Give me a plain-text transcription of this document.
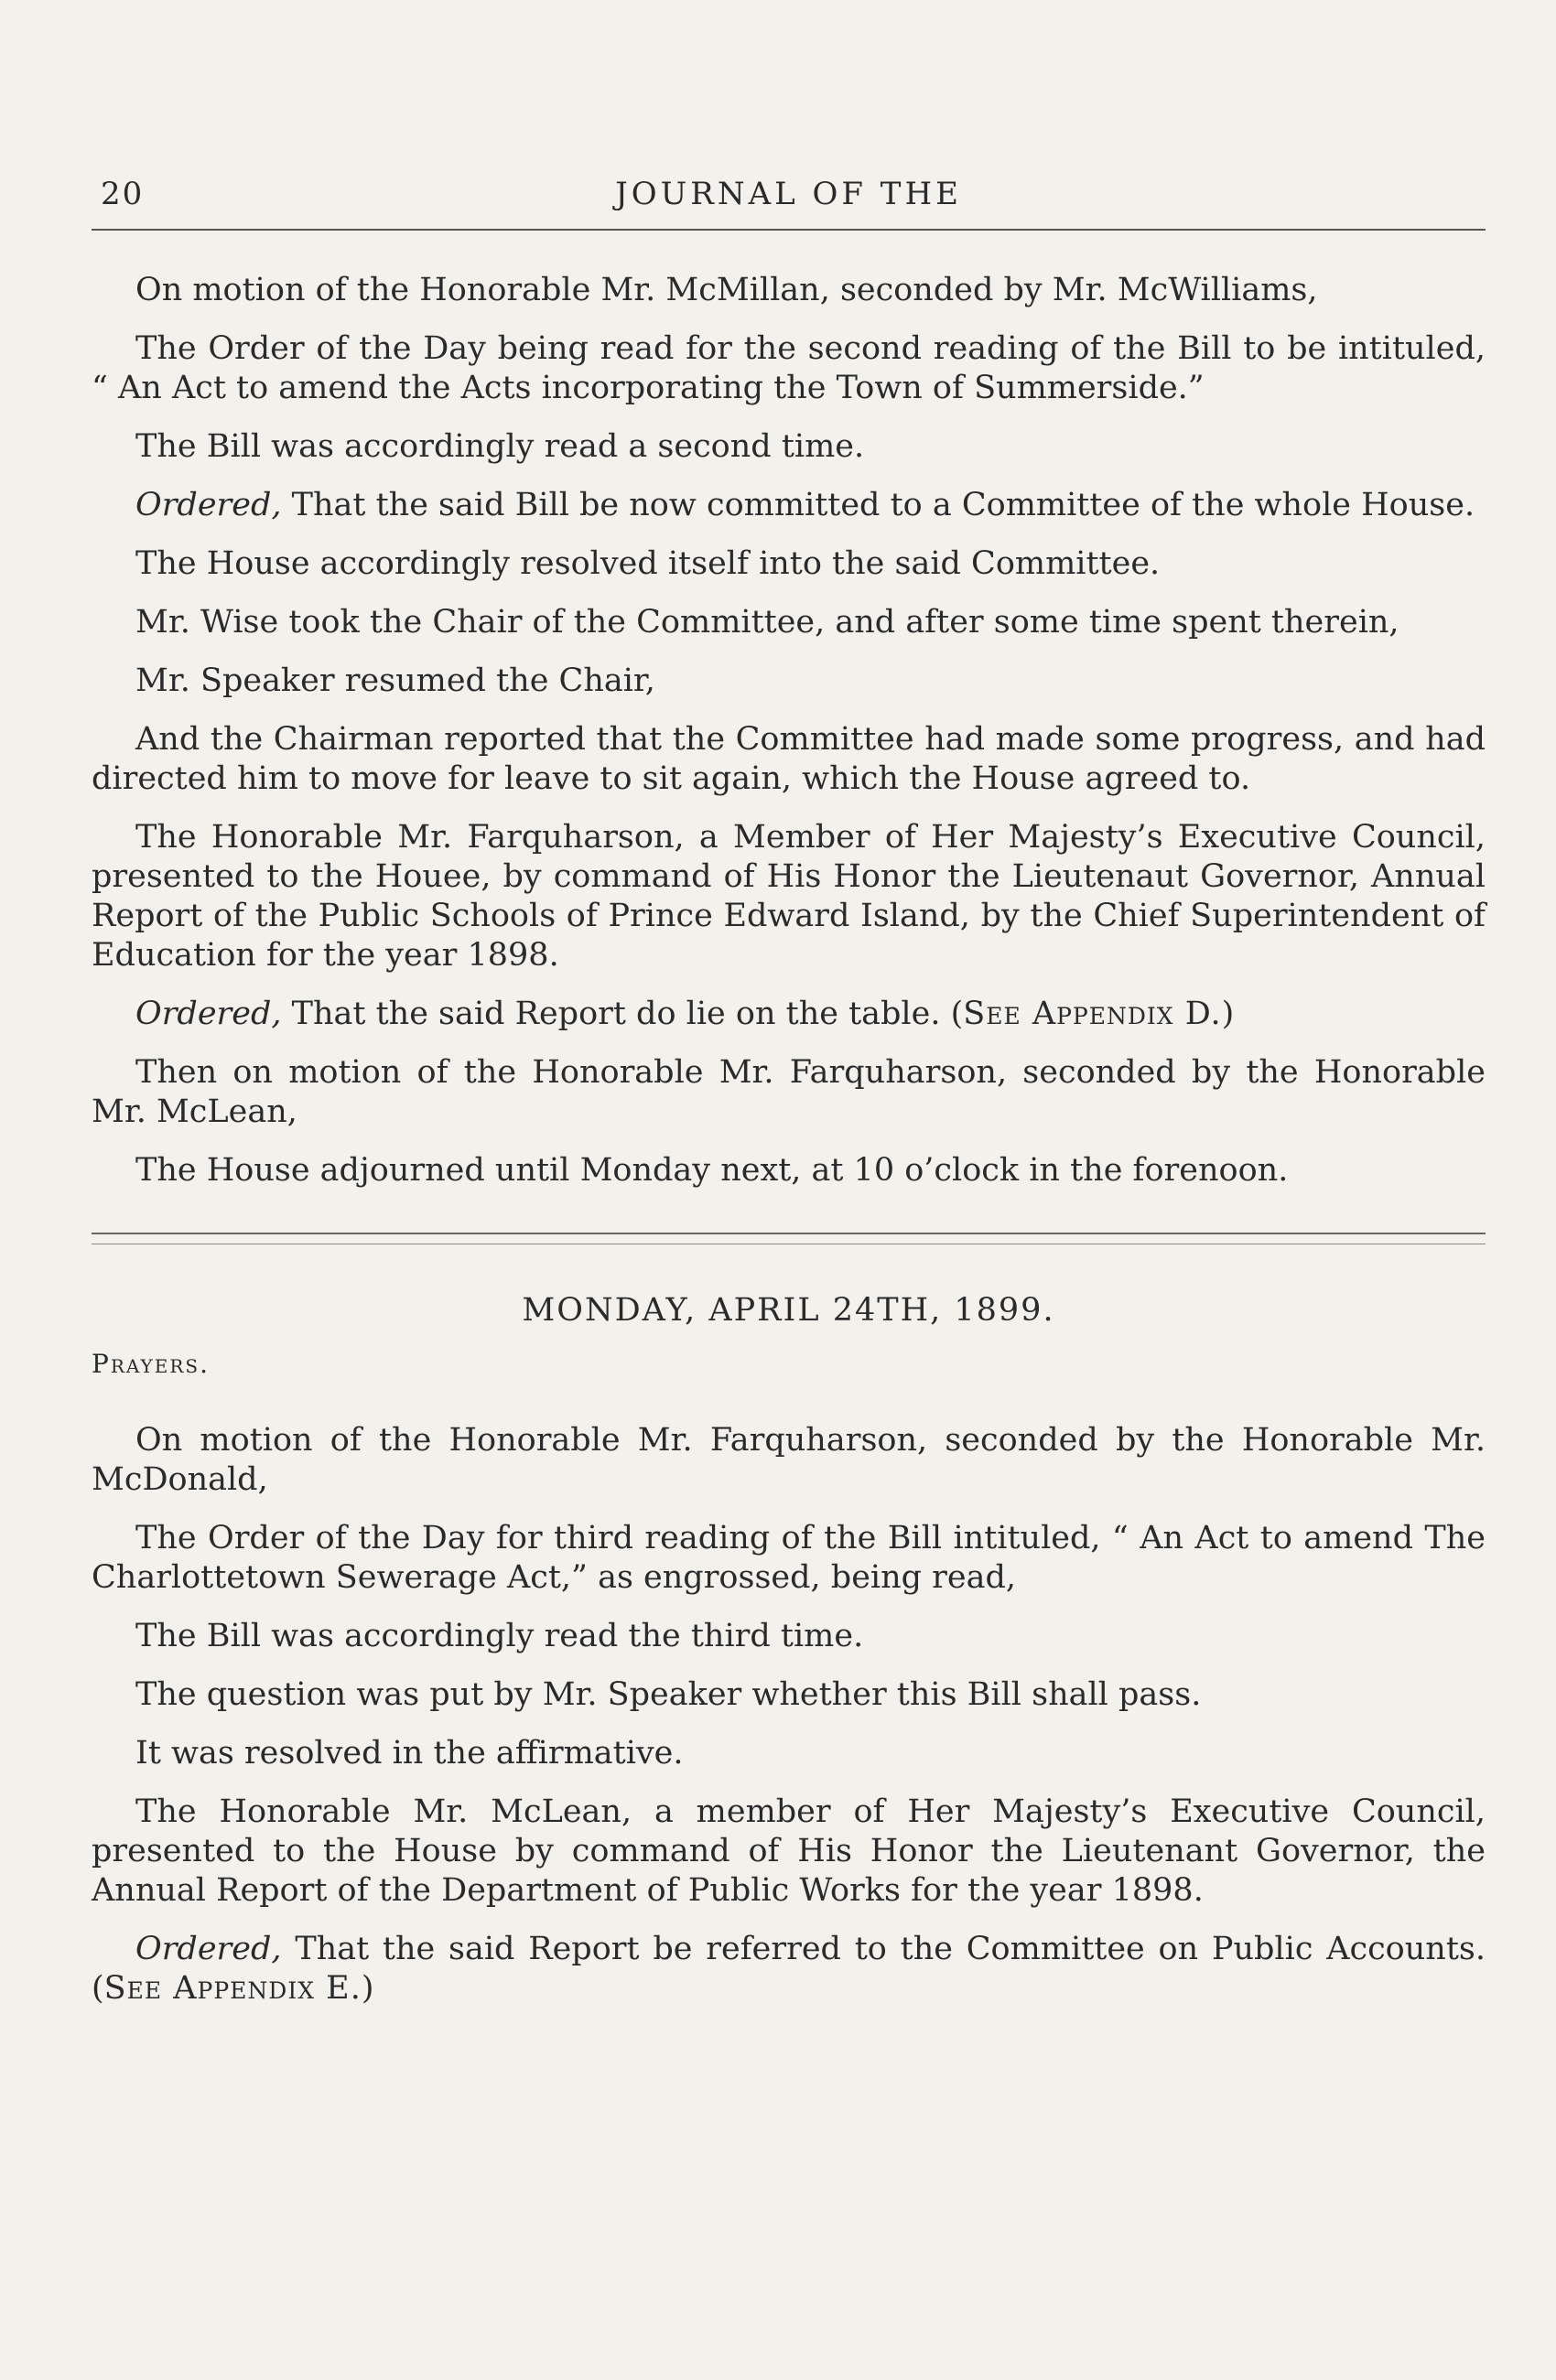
20	JOURNAL OF THE

On motion of the Honorable Mr. McMillan, seconded by Mr. McWilliams,

The Order of the Day being read for the second reading of the Bill to be intituled, “ An Act to amend the Acts incorporating the Town of Summerside.”

The Bill was accordingly read a second time.

Ordered, That the said Bill be now committed to a Committee of the whole House.

The House accordingly resolved itself into the said Committee.

Mr. Wise took the Chair of the Committee, and after some time spent therein,

Mr. Speaker resumed the Chair,

And the Chairman reported that the Committee had made some progress, and had directed him to move for leave to sit again, which the House agreed to.

The Honorable Mr. Farquharson, a Member of Her Majesty’s Executive Council, presented to the Houee, by command of His Honor the Lieutenaut Governor, Annual Report of the Public Schools of Prince Edward Island, by the Chief Superintendent of Education for the year 1898.

Ordered, That the said Report do lie on the table. (See Appendix D.)

Then on motion of the Honorable Mr. Farquharson, seconded by the Honorable Mr. McLean,

The House adjourned until Monday next, at 10 o’clock in the forenoon.

MONDAY, APRIL 24TH, 1899.
Prayers.

On motion of the Honorable Mr. Farquharson, seconded by the Honorable Mr. McDonald,

The Order of the Day for third reading of the Bill intituled, “ An Act to amend The Charlottetown Sewerage Act,” as engrossed, being read,

The Bill was accordingly read the third time.

The question was put by Mr. Speaker whether this Bill shall pass.

It was resolved in the affirmative.

The Honorable Mr. McLean, a member of Her Majesty’s Executive Council, presented to the House by command of His Honor the Lieutenant Governor, the Annual Report of the Department of Public Works for the year 1898.

Ordered, That the said Report be referred to the Committee on Public Accounts. (See Appendix E.)
